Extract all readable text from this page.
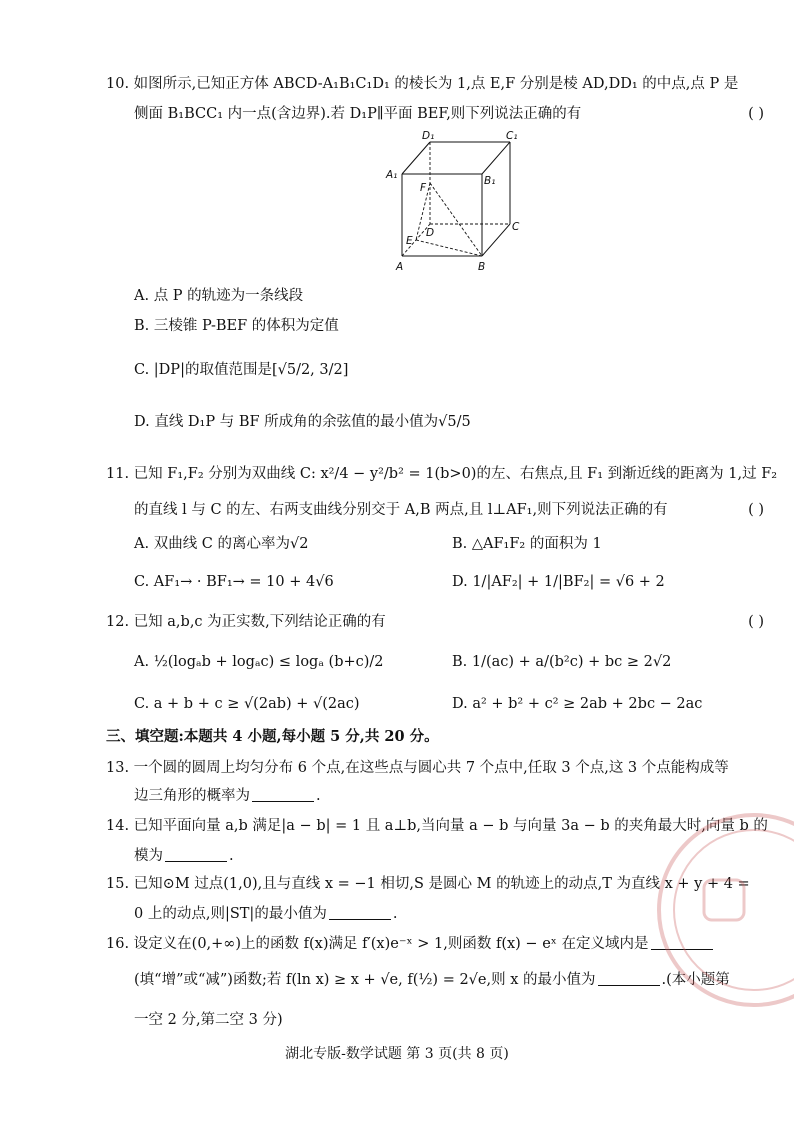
10. 如图所示,已知正方体 ABCD-A₁B₁C₁D₁ 的棱长为 1,点 E,F 分别是棱 AD,DD₁ 的中点,点 P 是
侧面 B₁BCC₁ 内一点(含边界).若 D₁P∥平面 BEF,则下列说法正确的有	( )
D₁	C₁
A₁	B₁
F
E
D	C
A	B
A. 点 P 的轨迹为一条线段
B. 三棱锥 P-BEF 的体积为定值
C. |DP|的取值范围是[√5/2, 3/2]
D. 直线 D₁P 与 BF 所成角的余弦值的最小值为√5/5
11. 已知 F₁,F₂ 分别为双曲线 C: x²/4 − y²/b² = 1(b>0)的左、右焦点,且 F₁ 到渐近线的距离为 1,过 F₂
的直线 l 与 C 的左、右两支曲线分别交于 A,B 两点,且 l⊥AF₁,则下列说法正确的有	( )
A. 双曲线 C 的离心率为√2	B. △AF₁F₂ 的面积为 1
C. AF₁→ · BF₁→ = 10 + 4√6	D. 1/|AF₂| + 1/|BF₂| = √6 + 2
12. 已知 a,b,c 为正实数,下列结论正确的有	( )
A. ½(logₐb + logₐc) ≤ logₐ (b+c)/2	B. 1/(ac) + a/(b²c) + bc ≥ 2√2
C. a + b + c ≥ √(2ab) + √(2ac)	D. a² + b² + c² ≥ 2ab + 2bc − 2ac
三、填空题:本题共 4 小题,每小题 5 分,共 20 分。
13. 一个圆的圆周上均匀分布 6 个点,在这些点与圆心共 7 个点中,任取 3 个点,这 3 个点能构成等
边三角形的概率为	.
14. 已知平面向量 a,b 满足|a − b| = 1 且 a⊥b,当向量 a − b 与向量 3a − b 的夹角最大时,向量 b 的
模为	.
15. 已知⊙M 过点(1,0),且与直线 x = −1 相切,S 是圆心 M 的轨迹上的动点,T 为直线 x + y + 4 =
0 上的动点,则|ST|的最小值为	.
16. 设定义在(0,+∞)上的函数 f(x)满足 f′(x)e⁻ˣ > 1,则函数 f(x) − eˣ 在定义域内是
(填“增”或“减”)函数;若 f(ln x) ≥ x + √e, f(½) = 2√e,则 x 的最小值为	.(本小题第
一空 2 分,第二空 3 分)
湖北专版-数学试题 第 3 页(共 8 页)
